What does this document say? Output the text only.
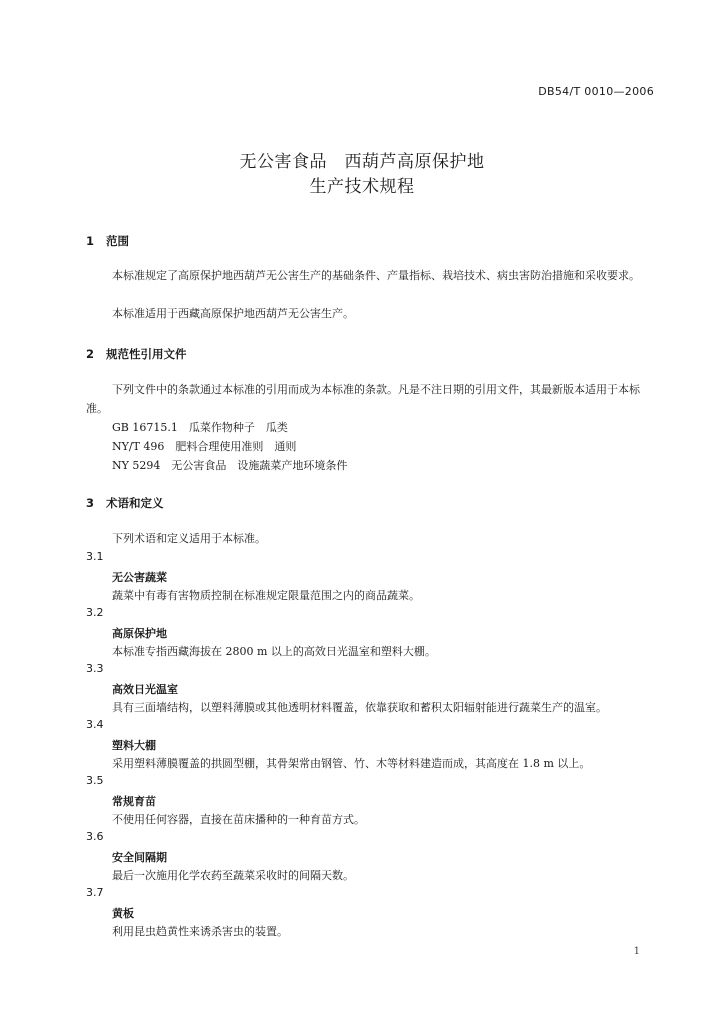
DB54/T 0010—2006
无公害食品　西葫芦高原保护地
生产技术规程
1 范围
本标准规定了高原保护地西葫芦无公害生产的基础条件、产量指标、栽培技术、病虫害防治措施和采收要求。
本标准适用于西藏高原保护地西葫芦无公害生产。
2 规范性引用文件
下列文件中的条款通过本标准的引用而成为本标准的条款。凡是不注日期的引用文件，其最新版本适用于本标准。
GB 16715.1　瓜菜作物种子　瓜类
NY/T 496　肥料合理使用准则　通则
NY 5294　无公害食品　设施蔬菜产地环境条件
3 术语和定义
下列术语和定义适用于本标准。
3.1
无公害蔬菜
蔬菜中有毒有害物质控制在标准规定限量范围之内的商品蔬菜。
3.2
高原保护地
本标准专指西藏海拔在 2800 m 以上的高效日光温室和塑料大棚。
3.3
高效日光温室
具有三面墙结构，以塑料薄膜或其他透明材料覆盖，依靠获取和蓄积太阳辐射能进行蔬菜生产的温室。
3.4
塑料大棚
采用塑料薄膜覆盖的拱圆型棚，其骨架常由钢管、竹、木等材料建造而成，其高度在 1.8 m 以上。
3.5
常规育苗
不使用任何容器，直接在苗床播种的一种育苗方式。
3.6
安全间隔期
最后一次施用化学农药至蔬菜采收时的间隔天数。
3.7
黄板
利用昆虫趋黄性来诱杀害虫的装置。
1
